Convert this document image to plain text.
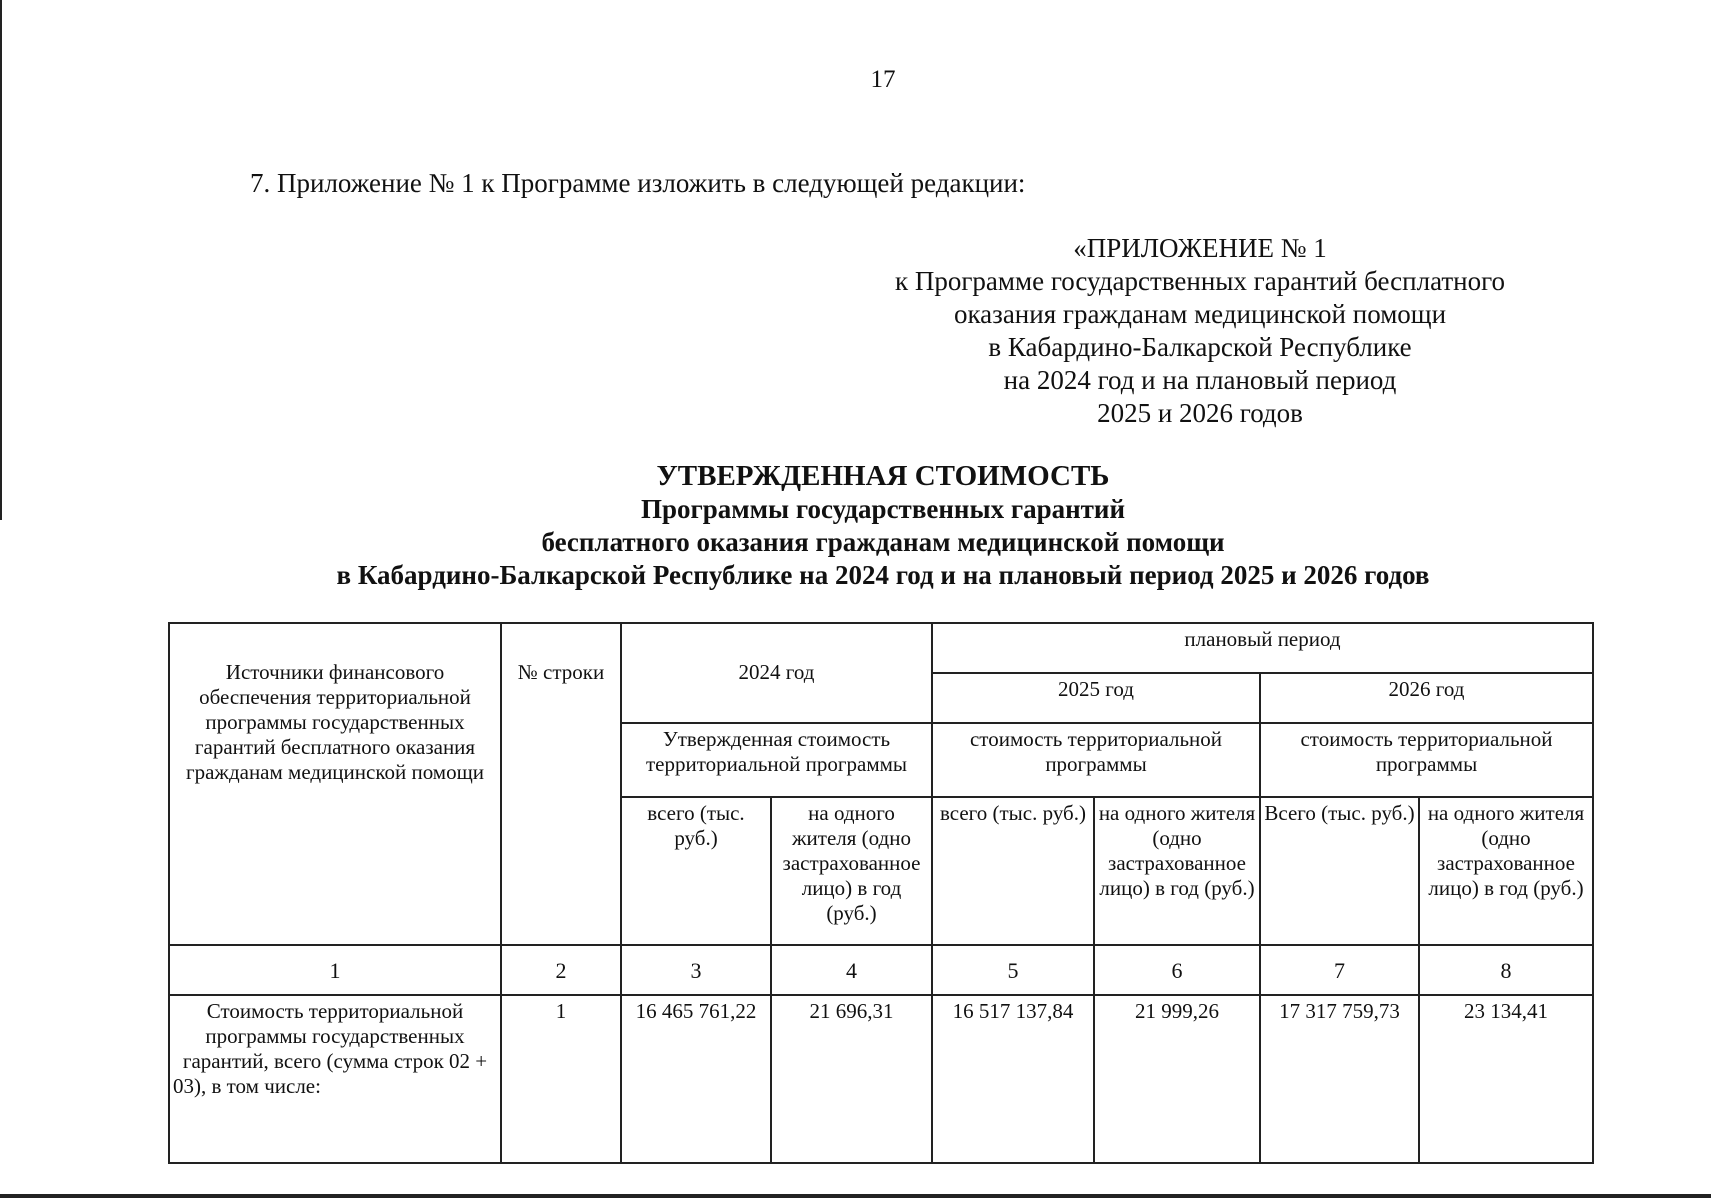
17
7. Приложение № 1 к Программе изложить в следующей редакции:
«ПРИЛОЖЕНИЕ № 1
к Программе государственных гарантий бесплатного
оказания гражданам медицинской помощи
в Кабардино-Балкарской Республике
на 2024 год и на плановый период
2025 и 2026 годов
УТВЕРЖДЕННАЯ СТОИМОСТЬ
Программы государственных гарантий
бесплатного оказания гражданам медицинской помощи
в Кабардино-Балкарской Республике на 2024 год и на плановый период 2025 и 2026 годов
Источники финансового обеспечения территориальной программы государственных гарантий бесплатного оказания гражданам медицинской помощи	№ строки	2024 год		плановый период			
				2025 год		2026 год	
		Утвержденная стоимость территориальной программы		стоимость территориальной программы		стоимость территориальной программы	
		всего (тыс. руб.)	на одного жителя (одно застрахованное лицо) в год (руб.)	всего (тыс. руб.)	на одного жителя (одно застрахованное лицо) в год (руб.)	Всего (тыс. руб.)	на одного жителя (одно застрахованное лицо) в год (руб.)
1	2	3	4	5	6	7	8
Стоимость территориальной программы государственных гарантий, всего (сумма строк 02 + 03), в том числе:	1	16 465 761,22	21 696,31	16 517 137,84	21 999,26	17 317 759,73	23 134,41
